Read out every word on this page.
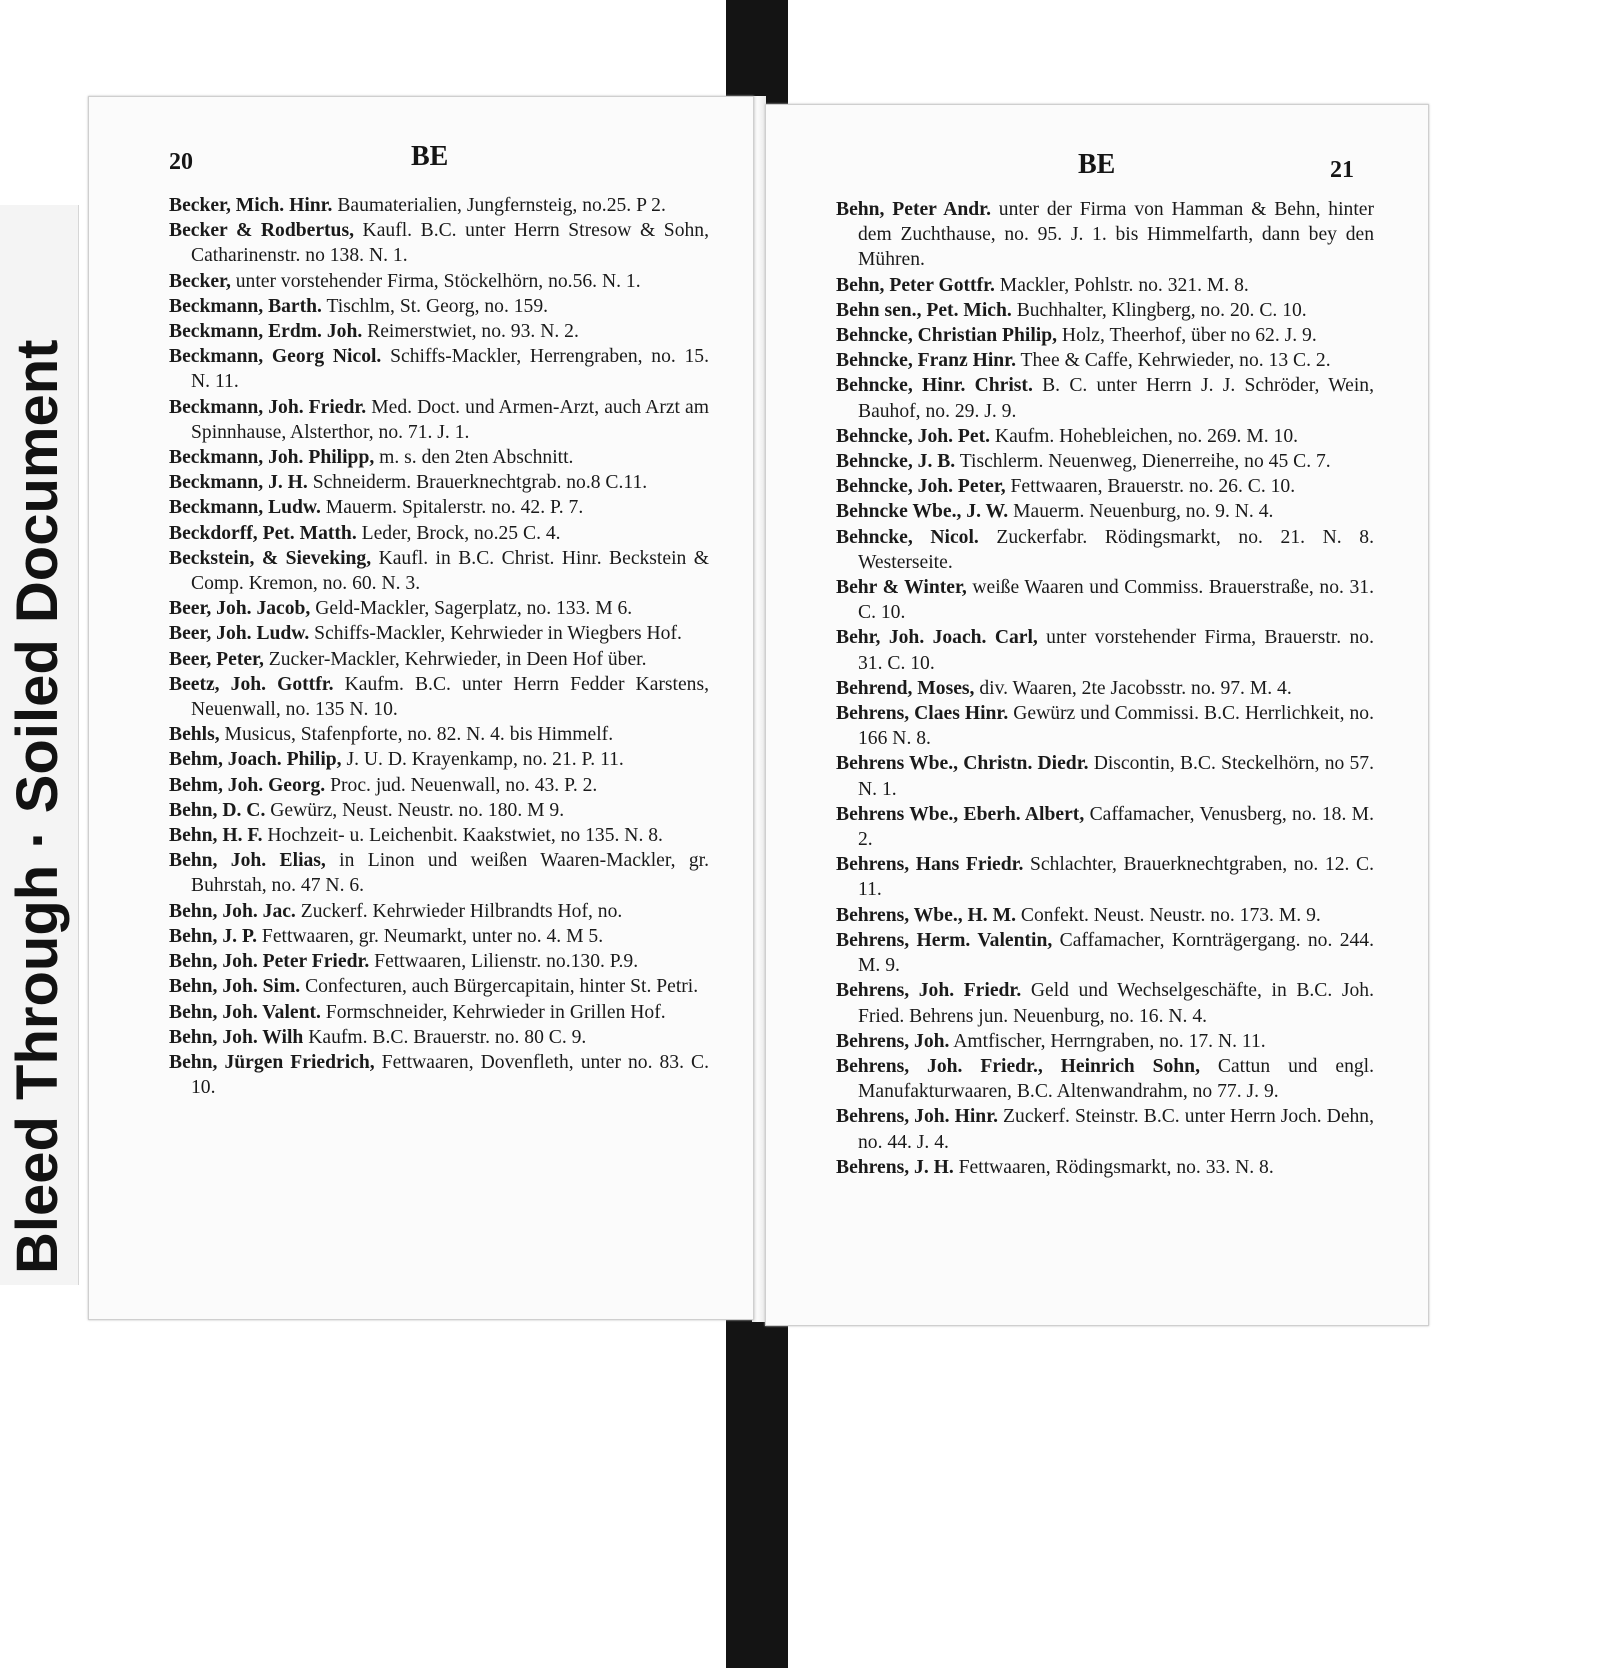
Bleed Through · Soiled Document
20	BE

Becker, Mich. Hinr. Baumaterialien, Jungfernsteig, no.25. P 2.

Becker & Rodbertus, Kaufl. B.C. unter Herrn Stresow & Sohn, Catharinenstr. no 138. N. 1.

Becker, unter vorstehender Firma, Stöckelhörn, no.56. N. 1.

Beckmann, Barth. Tischlm, St. Georg, no. 159.

Beckmann, Erdm. Joh. Reimerstwiet, no. 93. N. 2.

Beckmann, Georg Nicol. Schiffs-Mackler, Herrengraben, no. 15. N. 11.

Beckmann, Joh. Friedr. Med. Doct. und Armen-Arzt, auch Arzt am Spinnhause, Alsterthor, no. 71. J. 1.

Beckmann, Joh. Philipp, m. s. den 2ten Abschnitt.

Beckmann, J. H. Schneiderm. Brauerknechtgrab. no.8 C.11.

Beckmann, Ludw. Mauerm. Spitalerstr. no. 42. P. 7.

Beckdorff, Pet. Matth. Leder, Brock, no.25 C. 4.

Beckstein, & Sieveking, Kaufl. in B.C. Christ. Hinr. Beckstein & Comp. Kremon, no. 60. N. 3.

Beer, Joh. Jacob, Geld-Mackler, Sagerplatz, no. 133. M 6.

Beer, Joh. Ludw. Schiffs-Mackler, Kehrwieder in Wiegbers Hof.

Beer, Peter, Zucker-Mackler, Kehrwieder, in Deen Hof über.

Beetz, Joh. Gottfr. Kaufm. B.C. unter Herrn Fedder Karstens, Neuenwall, no. 135 N. 10.

Behls, Musicus, Stafenpforte, no. 82. N. 4. bis Himmelf.

Behm, Joach. Philip, J. U. D. Krayenkamp, no. 21. P. 11.

Behm, Joh. Georg. Proc. jud. Neuenwall, no. 43. P. 2.

Behn, D. C. Gewürz, Neust. Neustr. no. 180. M 9.

Behn, H. F. Hochzeit- u. Leichenbit. Kaakstwiet, no 135. N. 8.

Behn, Joh. Elias, in Linon und weißen Waaren-Mackler, gr. Buhrstah, no. 47 N. 6.

Behn, Joh. Jac. Zuckerf. Kehrwieder Hilbrandts Hof, no.

Behn, J. P. Fettwaaren, gr. Neumarkt, unter no. 4. M 5.

Behn, Joh. Peter Friedr. Fettwaaren, Lilienstr. no.130. P.9.

Behn, Joh. Sim. Confecturen, auch Bürgercapitain, hinter St. Petri.

Behn, Joh. Valent. Formschneider, Kehrwieder in Grillen Hof.

Behn, Joh. Wilh Kaufm. B.C. Brauerstr. no. 80 C. 9.

Behn, Jürgen Friedrich, Fettwaaren, Dovenfleth, unter no. 83. C. 10.

BE	21

Behn, Peter Andr. unter der Firma von Hamman & Behn, hinter dem Zuchthause, no. 95. J. 1. bis Himmelfarth, dann bey den Mühren.

Behn, Peter Gottfr. Mackler, Pohlstr. no. 321. M. 8.

Behn sen., Pet. Mich. Buchhalter, Klingberg, no. 20. C. 10.

Behncke, Christian Philip, Holz, Theerhof, über no 62. J. 9.

Behncke, Franz Hinr. Thee & Caffe, Kehrwieder, no. 13 C. 2.

Behncke, Hinr. Christ. B. C. unter Herrn J. J. Schröder, Wein, Bauhof, no. 29. J. 9.

Behncke, Joh. Pet. Kaufm. Hohebleichen, no. 269. M. 10.

Behncke, J. B. Tischlerm. Neuenweg, Dienerreihe, no 45 C. 7.

Behncke, Joh. Peter, Fettwaaren, Brauerstr. no. 26. C. 10.

Behncke Wbe., J. W. Mauerm. Neuenburg, no. 9. N. 4.

Behncke, Nicol. Zuckerfabr. Rödingsmarkt, no. 21. N. 8. Westerseite.

Behr & Winter, weiße Waaren und Commiss. Brauerstraße, no. 31. C. 10.

Behr, Joh. Joach. Carl, unter vorstehender Firma, Brauerstr. no. 31. C. 10.

Behrend, Moses, div. Waaren, 2te Jacobsstr. no. 97. M. 4.

Behrens, Claes Hinr. Gewürz und Commissi. B.C. Herrlichkeit, no. 166 N. 8.

Behrens Wbe., Christn. Diedr. Discontin, B.C. Steckelhörn, no 57. N. 1.

Behrens Wbe., Eberh. Albert, Caffamacher, Venusberg, no. 18. M. 2.

Behrens, Hans Friedr. Schlachter, Brauerknechtgraben, no. 12. C. 11.

Behrens, Wbe., H. M. Confekt. Neust. Neustr. no. 173. M. 9.

Behrens, Herm. Valentin, Caffamacher, Kornträgergang. no. 244. M. 9.

Behrens, Joh. Friedr. Geld und Wechselgeschäfte, in B.C. Joh. Fried. Behrens jun. Neuenburg, no. 16. N. 4.

Behrens, Joh. Amtfischer, Herrngraben, no. 17. N. 11.

Behrens, Joh. Friedr., Heinrich Sohn, Cattun und engl. Manufakturwaaren, B.C. Altenwandrahm, no 77. J. 9.

Behrens, Joh. Hinr. Zuckerf. Steinstr. B.C. unter Herrn Joch. Dehn, no. 44. J. 4.

Behrens, J. H. Fettwaaren, Rödingsmarkt, no. 33. N. 8.
